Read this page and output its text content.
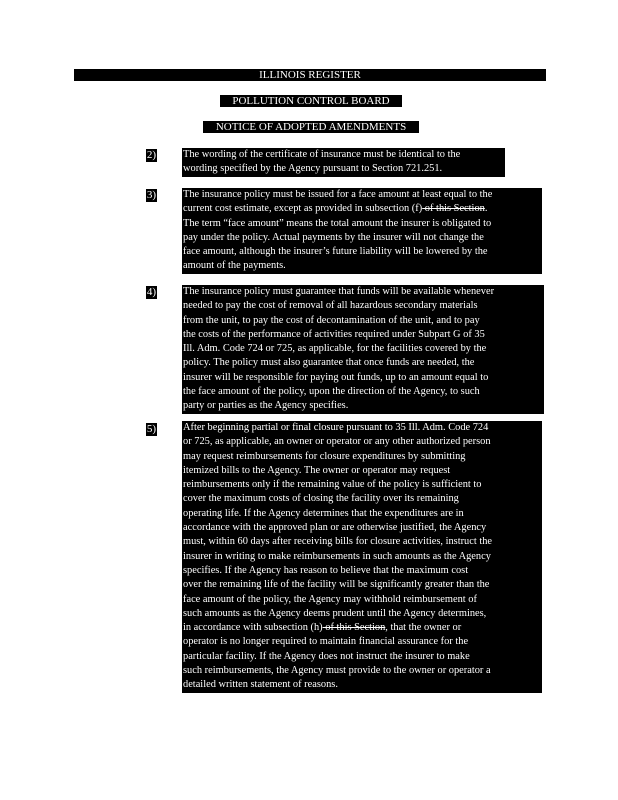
ILLINOIS REGISTER
POLLUTION CONTROL BOARD
NOTICE OF ADOPTED AMENDMENTS
2)	The wording of the certificate of insurance must be identical to the
wording specified by the Agency pursuant to Section 721.251.
3)	The insurance policy must be issued for a face amount at least equal to the
current cost estimate, except as provided in subsection (f) of this Section.
The term “face amount” means the total amount the insurer is obligated to
pay under the policy. Actual payments by the insurer will not change the
face amount, although the insurer’s future liability will be lowered by the
amount of the payments.
4)	The insurance policy must guarantee that funds will be available whenever
needed to pay the cost of removal of all hazardous secondary materials
from the unit, to pay the cost of decontamination of the unit, and to pay
the costs of the performance of activities required under Subpart G of 35
Ill. Adm. Code 724 or 725, as applicable, for the facilities covered by the
policy. The policy must also guarantee that once funds are needed, the
insurer will be responsible for paying out funds, up to an amount equal to
the face amount of the policy, upon the direction of the Agency, to such
party or parties as the Agency specifies.
5)	After beginning partial or final closure pursuant to 35 Ill. Adm. Code 724
or 725, as applicable, an owner or operator or any other authorized person
may request reimbursements for closure expenditures by submitting
itemized bills to the Agency. The owner or operator may request
reimbursements only if the remaining value of the policy is sufficient to
cover the maximum costs of closing the facility over its remaining
operating life. If the Agency determines that the expenditures are in
accordance with the approved plan or are otherwise justified, the Agency
must, within 60 days after receiving bills for closure activities, instruct the
insurer in writing to make reimbursements in such amounts as the Agency
specifies. If the Agency has reason to believe that the maximum cost
over the remaining life of the facility will be significantly greater than the
face amount of the policy, the Agency may withhold reimbursement of
such amounts as the Agency deems prudent until the Agency determines,
in accordance with subsection (h) of this Section, that the owner or
operator is no longer required to maintain financial assurance for the
particular facility. If the Agency does not instruct the insurer to make
such reimbursements, the Agency must provide to the owner or operator a
detailed written statement of reasons.
